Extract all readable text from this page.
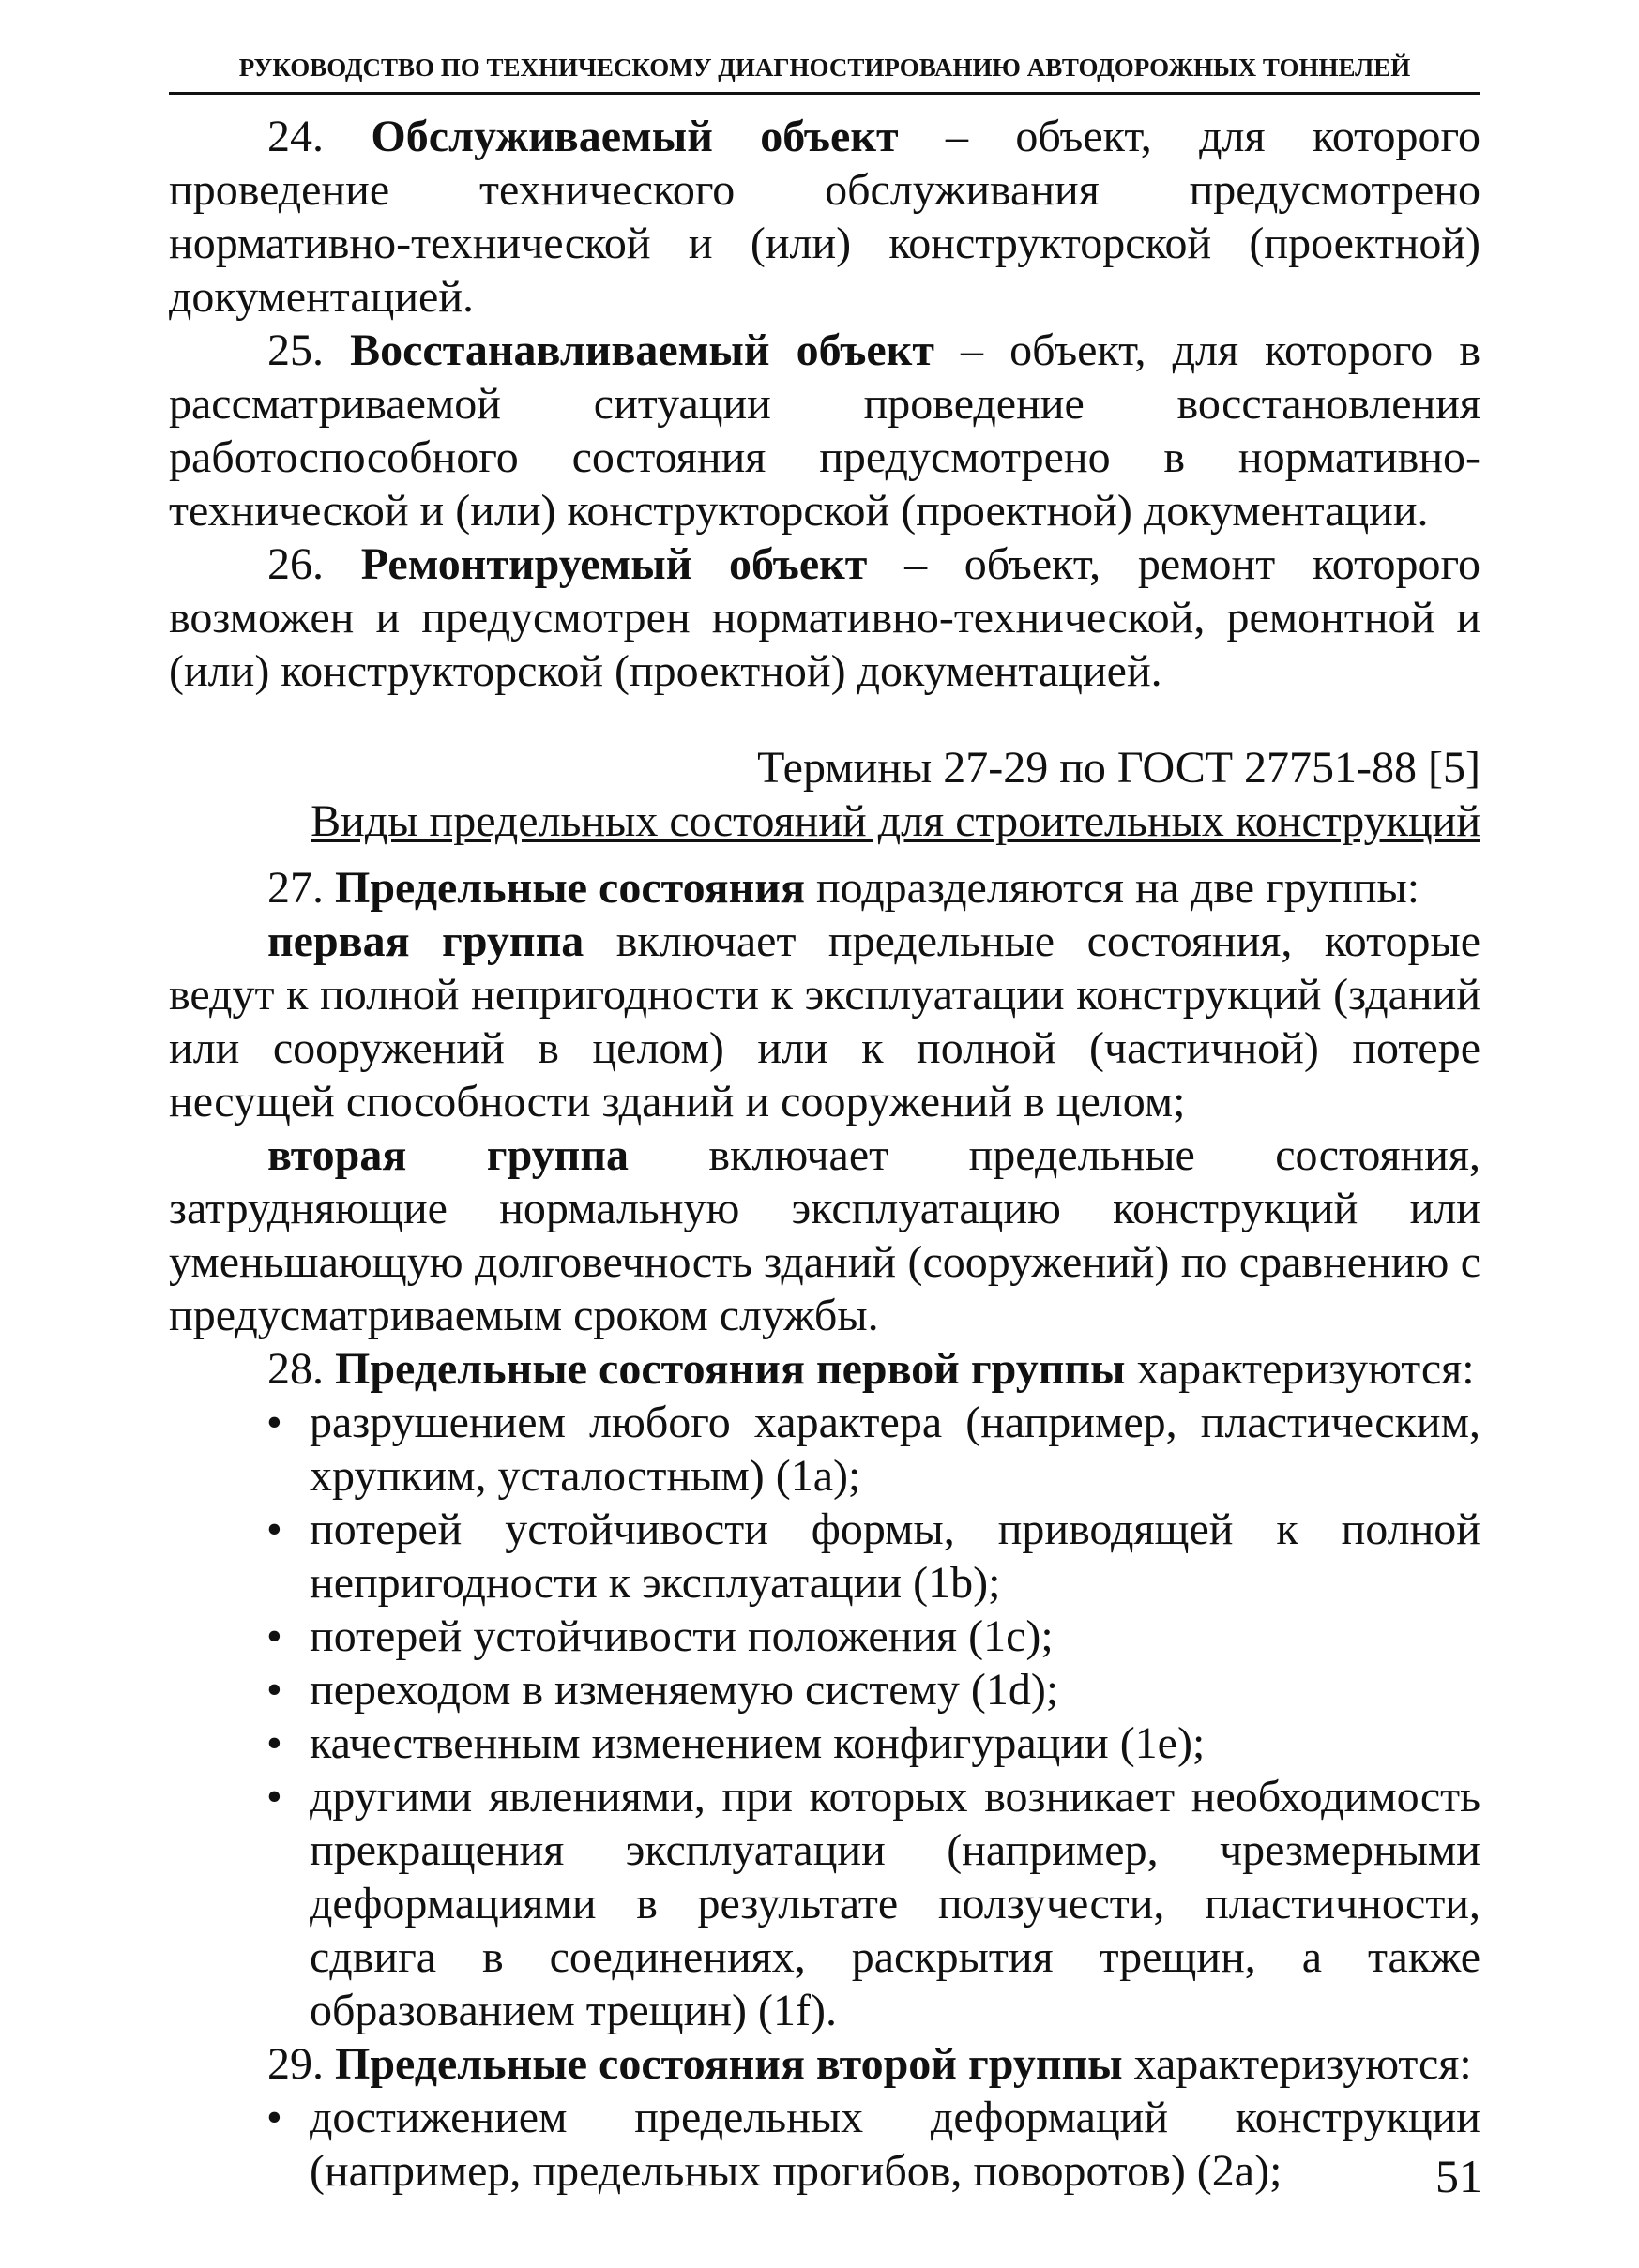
РУКОВОДСТВО ПО ТЕХНИЧЕСКОМУ ДИАГНОСТИРОВАНИЮ АВТОДОРОЖНЫХ ТОННЕЛЕЙ

24. Обслуживаемый объект – объект, для которого проведение технического обслуживания предусмотрено нормативно-технической и (или) конструкторской (проектной) документацией.

25. Восстанавливаемый объект – объект, для которого в рассматриваемой ситуации проведение восстановления работоспособного состояния предусмотрено в нормативно-технической и (или) конструкторской (проектной) документации.

26. Ремонтируемый объект – объект, ремонт которого возможен и предусмотрен нормативно-технической, ремонтной и (или) конструкторской (проектной) документацией.

Термины 27-29 по ГОСТ 27751-88 [5]

Виды предельных состояний для строительных конструкций

27. Предельные состояния подразделяются на две группы:

первая группа включает предельные состояния, которые ведут к полной непригодности к эксплуатации конструкций (зданий или сооружений в целом) или к полной (частичной) потере несущей способности зданий и сооружений в целом;

вторая группа включает предельные состояния, затрудняющие нормальную эксплуатацию конструкций или уменьшающую долговечность зданий (сооружений) по сравнению с предусматриваемым сроком службы.

28. Предельные состояния первой группы характеризуются:

• разрушением любого характера (например, пластическим, хрупким, усталостным) (1а);
• потерей устойчивости формы, приводящей к полной непригодности к эксплуатации (1b);
• потерей устойчивости положения (1с);
• переходом в изменяемую систему (1d);
• качественным изменением конфигурации (1е);
• другими явлениями, при которых возникает необходимость прекращения эксплуатации (например, чрезмерными деформациями в результате ползучести, пластичности, сдвига в соединениях, раскрытия трещин, а также образованием трещин) (1f).

29. Предельные состояния второй группы характеризуются:

• достижением предельных деформаций конструкции (например, предельных прогибов, поворотов) (2а);	51
